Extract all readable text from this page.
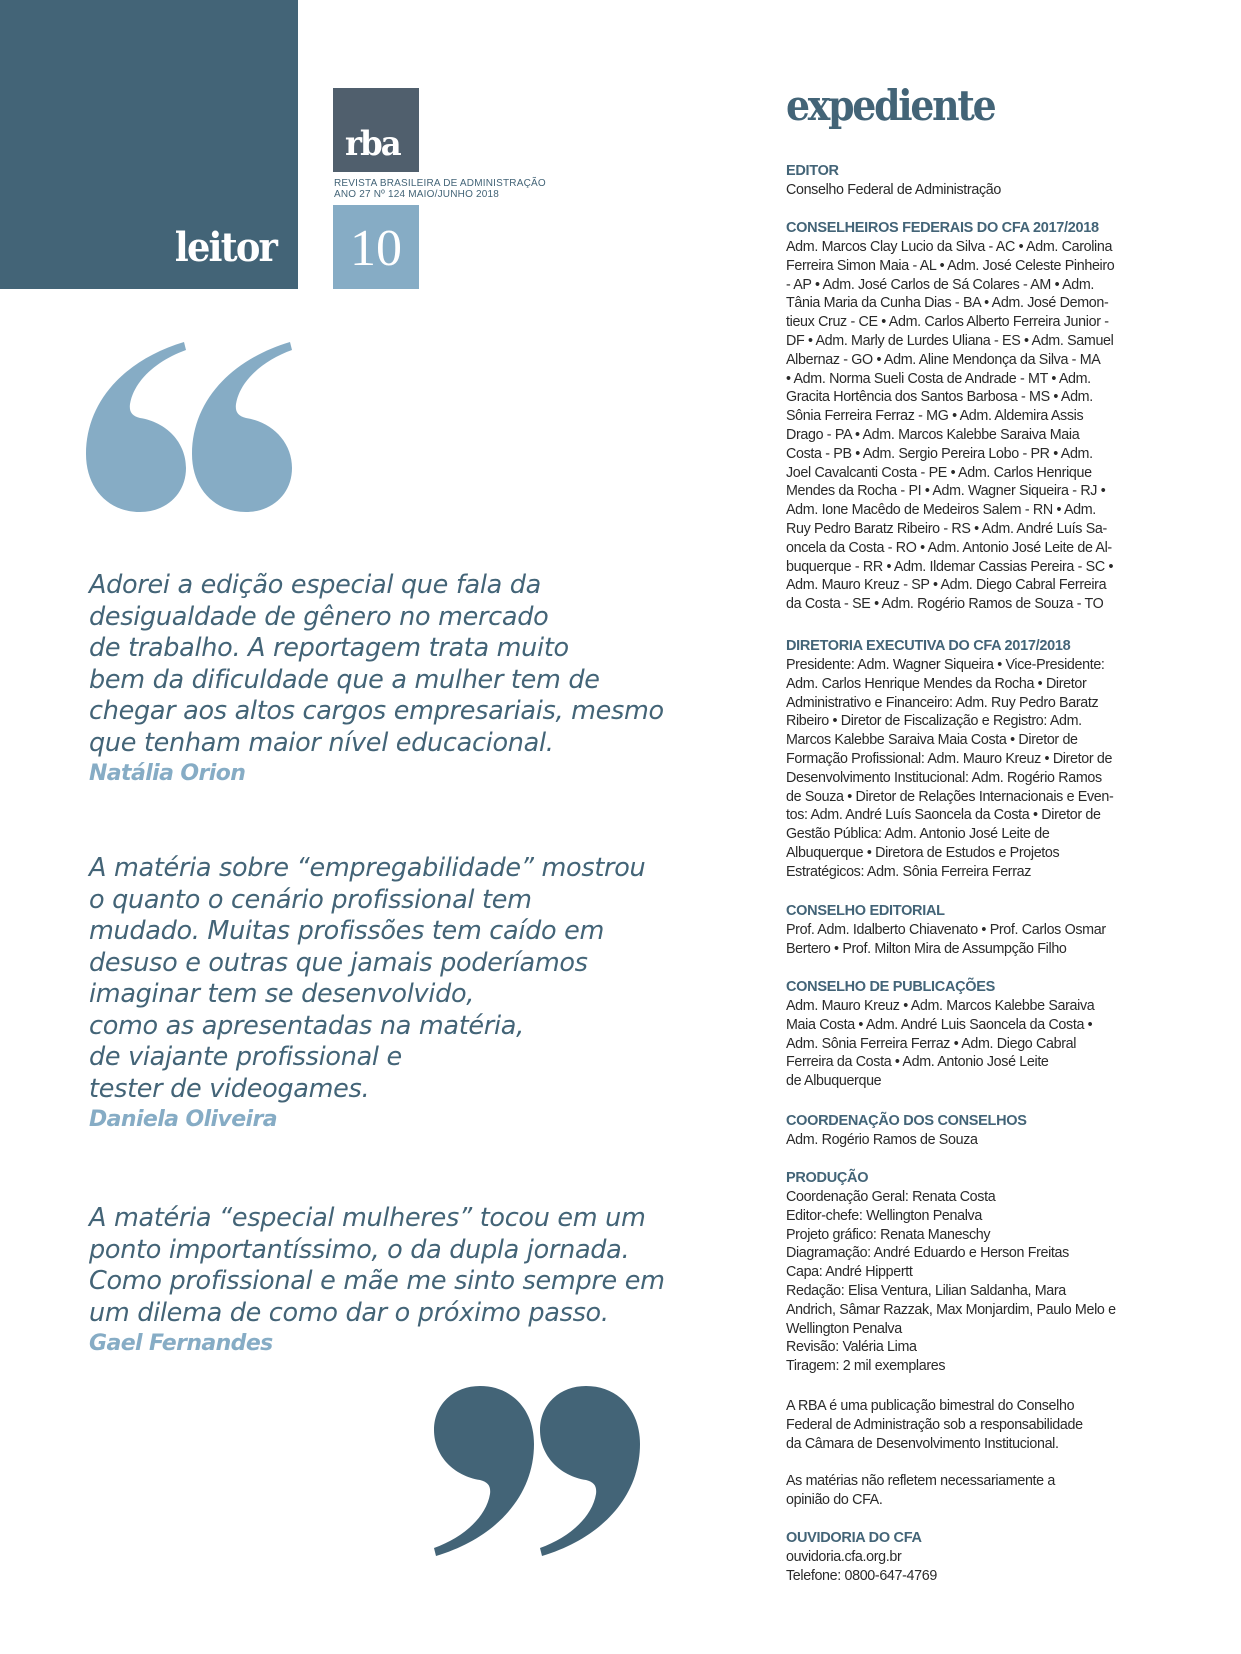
leitor
rba
REVISTA BRASILEIRA DE ADMINISTRAÇÃO
ANO 27 Nº 124 MAIO/JUNHO 2018
10
Adorei a edição especial que fala da
desigualdade de gênero no mercado
de trabalho. A reportagem trata muito
bem da dificuldade que a mulher tem de
chegar aos altos cargos empresariais, mesmo
que tenham maior nível educacional.
Natália Orion
A matéria sobre “empregabilidade” mostrou
o quanto o cenário profissional tem
mudado. Muitas profissões tem caído em
desuso e outras que jamais poderíamos
imaginar tem se desenvolvido,
como as apresentadas na matéria,
de viajante profissional e
tester de videogames.
Daniela Oliveira
A matéria “especial mulheres” tocou em um
ponto importantíssimo, o da dupla jornada.
Como profissional e mãe me sinto sempre em
um dilema de como dar o próximo passo.
Gael Fernandes
expediente
EDITOR
Conselho Federal de Administração
CONSELHEIROS FEDERAIS DO CFA 2017/2018
Adm. Marcos Clay Lucio da Silva - AC • Adm. Carolina
Ferreira Simon Maia - AL • Adm. José Celeste Pinheiro
- AP • Adm. José Carlos de Sá Colares - AM • Adm.
Tânia Maria da Cunha Dias - BA • Adm. José Demon-
tieux Cruz - CE • Adm. Carlos Alberto Ferreira Junior -
DF • Adm. Marly de Lurdes Uliana - ES • Adm. Samuel
Albernaz - GO • Adm. Aline Mendonça da Silva - MA
• Adm. Norma Sueli Costa de Andrade - MT • Adm.
Gracita Hortência dos Santos Barbosa - MS • Adm.
Sônia Ferreira Ferraz - MG • Adm. Aldemira Assis
Drago - PA • Adm. Marcos Kalebbe Saraiva Maia
Costa - PB • Adm. Sergio Pereira Lobo - PR • Adm.
Joel Cavalcanti Costa - PE • Adm. Carlos Henrique
Mendes da Rocha - PI • Adm. Wagner Siqueira - RJ •
Adm. Ione Macêdo de Medeiros Salem - RN • Adm.
Ruy Pedro Baratz Ribeiro - RS • Adm. André Luís Sa-
oncela da Costa - RO • Adm. Antonio José Leite de Al-
buquerque - RR • Adm. Ildemar Cassias Pereira - SC •
Adm. Mauro Kreuz - SP • Adm. Diego Cabral Ferreira
da Costa - SE • Adm. Rogério Ramos de Souza - TO
DIRETORIA EXECUTIVA DO CFA 2017/2018
Presidente: Adm. Wagner Siqueira • Vice-Presidente:
Adm. Carlos Henrique Mendes da Rocha • Diretor
Administrativo e Financeiro: Adm. Ruy Pedro Baratz
Ribeiro • Diretor de Fiscalização e Registro: Adm.
Marcos Kalebbe Saraiva Maia Costa • Diretor de
Formação Profissional: Adm. Mauro Kreuz • Diretor de
Desenvolvimento Institucional: Adm. Rogério Ramos
de Souza • Diretor de Relações Internacionais e Even-
tos: Adm. André Luís Saoncela da Costa • Diretor de
Gestão Pública: Adm. Antonio José Leite de
Albuquerque • Diretora de Estudos e Projetos
Estratégicos: Adm. Sônia Ferreira Ferraz
CONSELHO EDITORIAL
Prof. Adm. Idalberto Chiavenato • Prof. Carlos Osmar
Bertero • Prof. Milton Mira de Assumpção Filho
CONSELHO DE PUBLICAÇÕES
Adm. Mauro Kreuz • Adm. Marcos Kalebbe Saraiva
Maia Costa • Adm. André Luis Saoncela da Costa •
Adm. Sônia Ferreira Ferraz • Adm. Diego Cabral
Ferreira da Costa • Adm. Antonio José Leite
de Albuquerque
COORDENAÇÃO DOS CONSELHOS
Adm. Rogério Ramos de Souza
PRODUÇÃO
Coordenação Geral: Renata Costa
Editor-chefe: Wellington Penalva
Projeto gráfico: Renata Maneschy
Diagramação: André Eduardo e Herson Freitas
Capa: André Hippertt
Redação: Elisa Ventura, Lilian Saldanha, Mara
Andrich, Sâmar Razzak, Max Monjardim, Paulo Melo e
Wellington Penalva
Revisão: Valéria Lima
Tiragem: 2 mil exemplares
A RBA é uma publicação bimestral do Conselho
Federal de Administração sob a responsabilidade
da Câmara de Desenvolvimento Institucional.
As matérias não refletem necessariamente a
opinião do CFA.
OUVIDORIA DO CFA
ouvidoria.cfa.org.br
Telefone: 0800-647-4769
